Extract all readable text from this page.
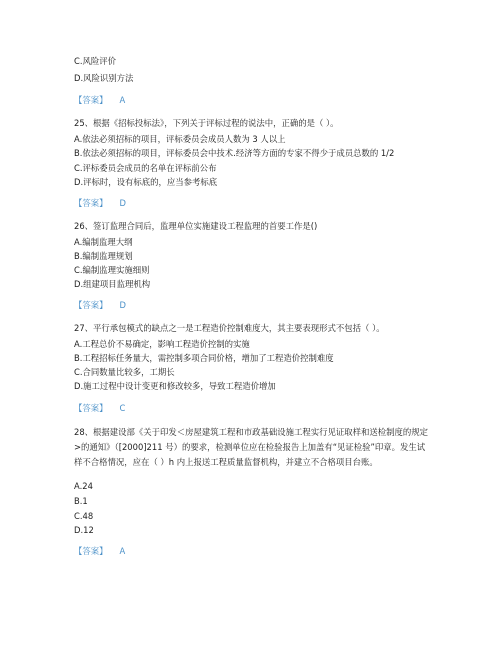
C.风险评价
D.风险识别方法
【答案】 A
25、根据《招标投标法》，下列关于评标过程的说法中，正确的是（ ）。
A.依法必须招标的项目，评标委员会成员人数为 3 人以上
B.依法必须招标的项目，评标委员会中技术.经济等方面的专家不得少于成员总数的 1/2
C.评标委员会成员的名单在评标前公布
D.评标时，设有标底的，应当参考标底
【答案】 D
26、签订监理合同后，监理单位实施建设工程监理的首要工作是()
A.编制监理大纲
B.编制监理规划
C.编制监理实施细则
D.组建项目监理机构
【答案】 D
27、平行承包模式的缺点之一是工程造价控制难度大，其主要表现形式不包括（ ）。
A.工程总价不易确定，影响工程造价控制的实施
B.工程招标任务量大，需控制多项合同价格，增加了工程造价控制难度
C.合同数量比较多，工期长
D.施工过程中设计变更和修改较多，导致工程造价增加
【答案】 C
28、根据建设部《关于印发＜房屋建筑工程和市政基础设施工程实行见证取样和送检制度的规定>的通知》（[2000]211 号）的要求，检测单位应在检验报告上加盖有“见证检验”印章。发生试样不合格情况，应在（ ）h 内上报送工程质量监督机构，并建立不合格项目台账。
A.24
B.1
C.48
D.12
【答案】 A
